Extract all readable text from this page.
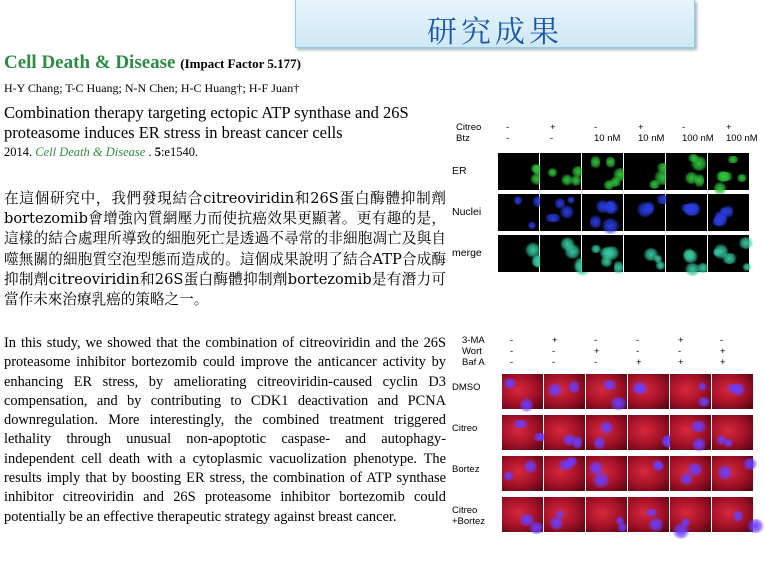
研究成果
Cell Death & Disease (Impact Factor 5.177)
H-Y Chang; T-C Huang; N-N Chen; H-C Huang†; H-F Juan†
Combination therapy targeting ectopic ATP synthase and 26S proteasome induces ER stress in breast cancer cells
2014. Cell Death & Disease . 5:e1540.
在這個研究中，我們發現結合citreoviridin和26S蛋白酶體抑制劑bortezomib會增強內質網壓力而使抗癌效果更顯著。更有趣的是，這樣的結合處理所導致的細胞死亡是透過不尋常的非細胞凋亡及與自噬無關的細胞質空泡型態而造成的。這個成果說明了結合ATP合成酶抑制劑citreoviridin和26S蛋白酶體抑制劑bortezomib是有潛力可當作未來治療乳癌的策略之一。
In this study, we showed that the combination of citreoviridin and the 26S proteasome inhibitor bortezomib could improve the anticancer activity by enhancing ER stress, by ameliorating citreoviridin-caused cyclin D3 compensation, and by contributing to CDK1 deactivation and PCNA downregulation. More interestingly, the combined treatment triggered lethality through unusual non-apoptotic caspase- and autophagy-independent cell death with a cytoplasmic vacuolization phenotype. The results imply that by boosting ER stress, the combination of ATP synthase inhibitor citreoviridin and 26S proteasome inhibitor bortezomib could potentially be an effective therapeutic strategy against breast cancer.
Citreo	-	+	-	+	-	+
Btz	-	-	10 nM 10 nM 100 nM 100 nM
ER
Nuclei
merge
3-MA	-	+	-	-	+	-
Wort	-	-	+	-	-	+
Baf A	-	-	-	+	+	+
DMSO
Citreo
Bortez
Citreo
+Bortez
